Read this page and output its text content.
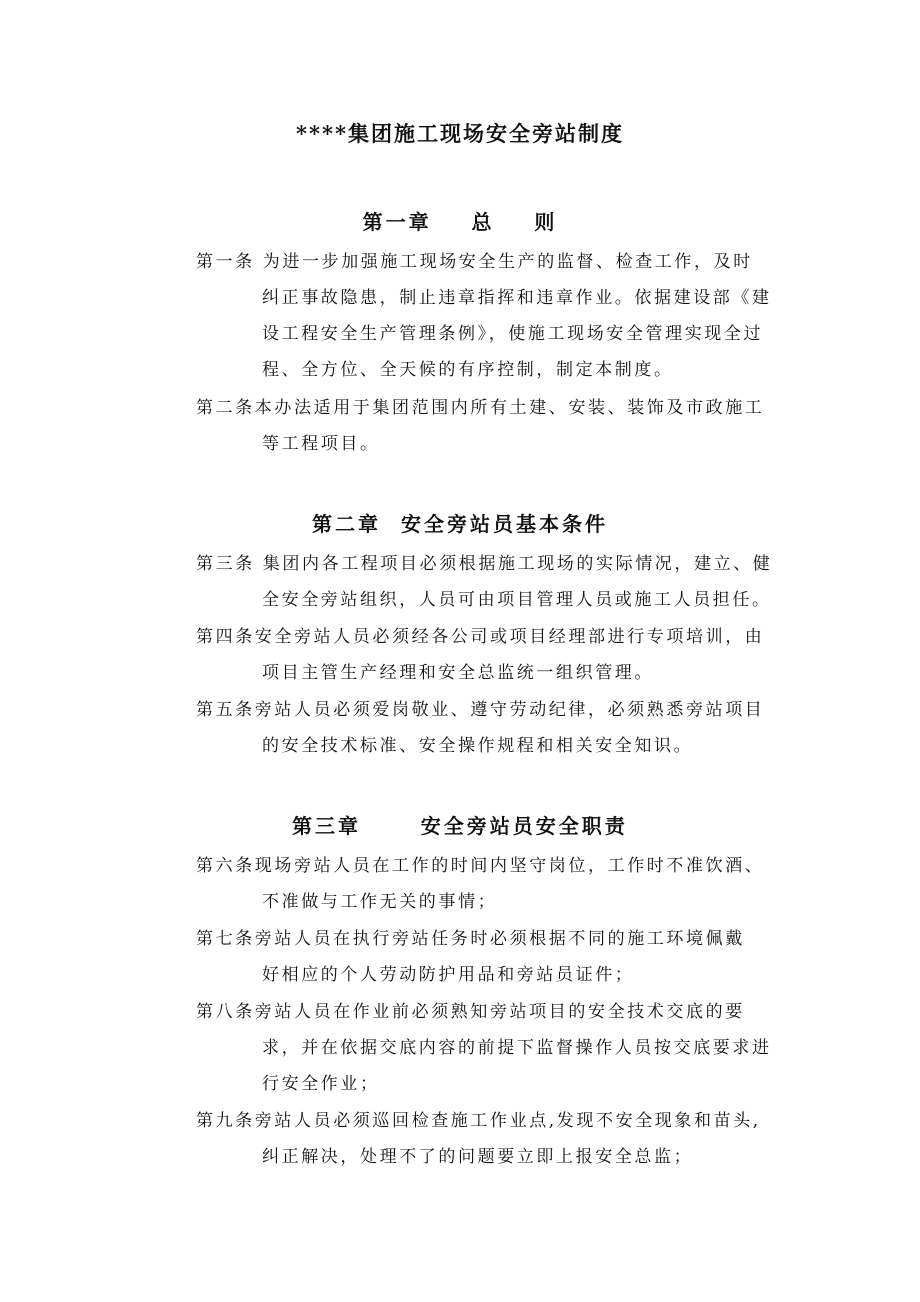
****集团施工现场安全旁站制度
第一章    总    则
第一条 为进一步加强施工现场安全生产的监督、检查工作，及时
纠正事故隐患，制止违章指挥和违章作业。依据建设部《建
设工程安全生产管理条例》，使施工现场安全管理实现全过
程、全方位、全天候的有序控制，制定本制度。
第二条本办法适用于集团范围内所有土建、安装、装饰及市政施工
等工程项目。
第二章  安全旁站员基本条件
第三条 集团内各工程项目必须根据施工现场的实际情况，建立、健
全安全旁站组织，人员可由项目管理人员或施工人员担任。
第四条安全旁站人员必须经各公司或项目经理部进行专项培训，由
项目主管生产经理和安全总监统一组织管理。
第五条旁站人员必须爱岗敬业、遵守劳动纪律，必须熟悉旁站项目
的安全技术标准、安全操作规程和相关安全知识。
第三章      安全旁站员安全职责
第六条现场旁站人员在工作的时间内坚守岗位，工作时不准饮酒、
不准做与工作无关的事情；
第七条旁站人员在执行旁站任务时必须根据不同的施工环境佩戴
好相应的个人劳动防护用品和旁站员证件；
第八条旁站人员在作业前必须熟知旁站项目的安全技术交底的要
求，并在依据交底内容的前提下监督操作人员按交底要求进
行安全作业；
第九条旁站人员必须巡回检查施工作业点,发现不安全现象和苗头,
纠正解决，处理不了的问题要立即上报安全总监；
